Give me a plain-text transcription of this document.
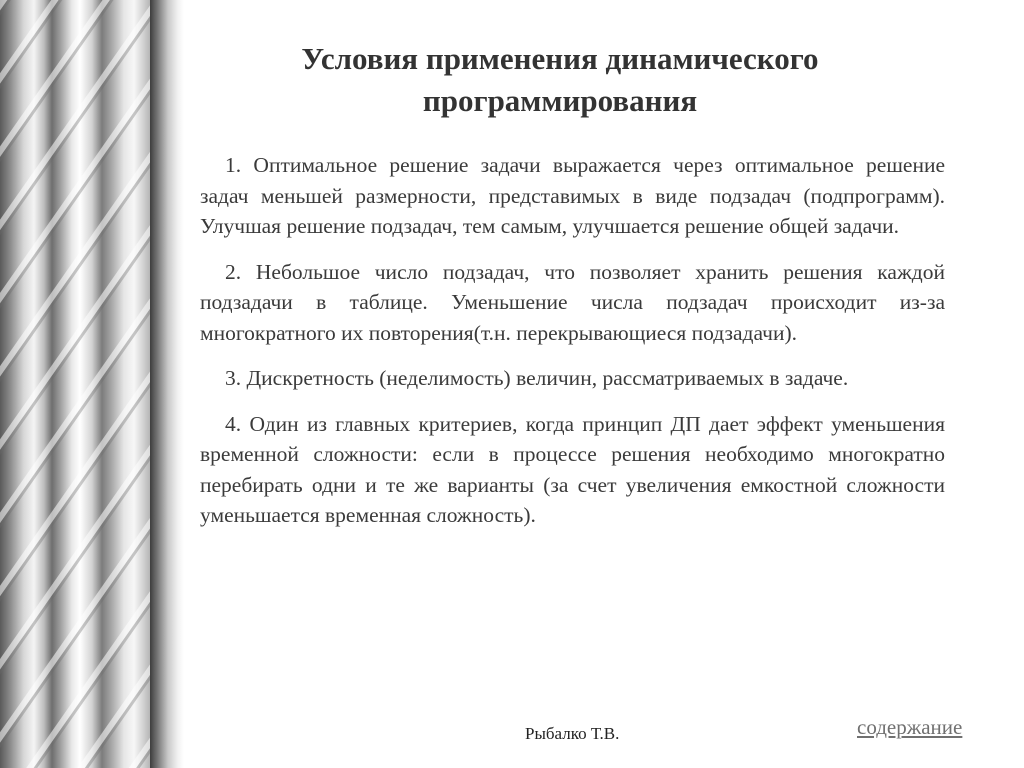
Условия применения динамического программирования

1. Оптимальное решение задачи выражается через оптимальное решение задач меньшей размерности, представимых в виде подзадач (подпрограмм). Улучшая решение подзадач, тем самым, улучшается решение общей задачи.

2. Небольшое число подзадач, что позволяет хранить решения каждой подзадачи в таблице. Уменьшение числа подзадач происходит из-за многократного их повторения(т.н. перекрывающиеся подзадачи).

3. Дискретность (неделимость) величин, рассматриваемых в задаче.

4. Один из главных критериев, когда принцип ДП дает эффект уменьшения временной сложности: если в процессе решения необходимо многократно перебирать одни и те же варианты (за счет увеличения емкостной сложности уменьшается временная сложность).

Рыбалко Т.В.	содержание
